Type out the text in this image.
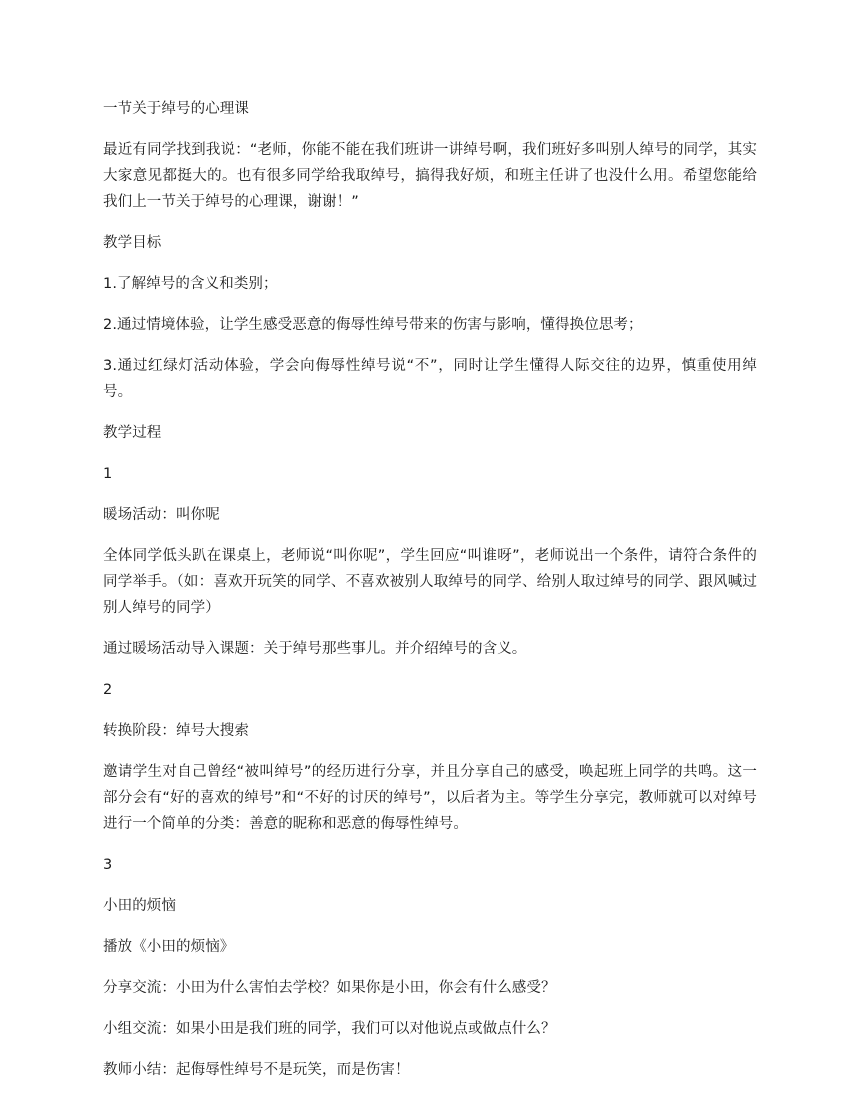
一节关于绰号的心理课

最近有同学找到我说：“老师，你能不能在我们班讲一讲绰号啊，我们班好多叫别人绰号的同学，其实大家意见都挺大的。也有很多同学给我取绰号，搞得我好烦，和班主任讲了也没什么用。希望您能给我们上一节关于绰号的心理课，谢谢！”

教学目标

1.了解绰号的含义和类别；

2.通过情境体验，让学生感受恶意的侮辱性绰号带来的伤害与影响，懂得换位思考；

3.通过红绿灯活动体验，学会向侮辱性绰号说“不”，同时让学生懂得人际交往的边界，慎重使用绰号。

教学过程

1

暖场活动：叫你呢

全体同学低头趴在课桌上，老师说“叫你呢”，学生回应“叫谁呀”，老师说出一个条件，请符合条件的同学举手。（如：喜欢开玩笑的同学、不喜欢被别人取绰号的同学、给别人取过绰号的同学、跟风喊过别人绰号的同学）

通过暖场活动导入课题：关于绰号那些事儿。并介绍绰号的含义。

2

转换阶段：绰号大搜索

邀请学生对自己曾经“被叫绰号”的经历进行分享，并且分享自己的感受，唤起班上同学的共鸣。这一部分会有“好的喜欢的绰号”和“不好的讨厌的绰号”，以后者为主。等学生分享完，教师就可以对绰号进行一个简单的分类：善意的昵称和恶意的侮辱性绰号。

3

小田的烦恼

播放《小田的烦恼》

分享交流：小田为什么害怕去学校？如果你是小田，你会有什么感受？

小组交流：如果小田是我们班的同学，我们可以对他说点或做点什么？

教师小结：起侮辱性绰号不是玩笑，而是伤害！
